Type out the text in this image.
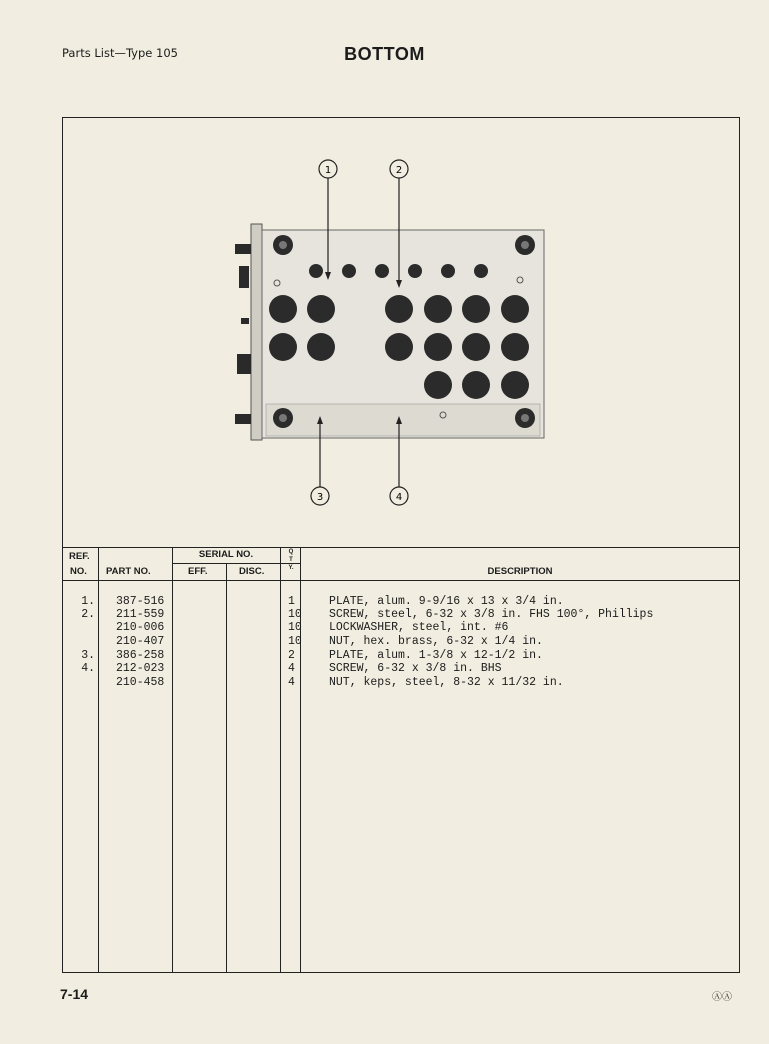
Parts List—Type 105	BOTTOM
1	2
3	4
REF.
NO. PART NO.
SERIAL NO.
EFF.	DISC.
Q
T
Y.	DESCRIPTION
1. 387-516	1	PLATE, alum. 9-9/16 x 13 x 3/4 in.
2. 211-559	10 SCREW, steel, 6-32 x 3/8 in. FHS 100°, Phillips
210-006	10 LOCKWASHER, steel, int. #6
210-407	10 NUT, hex. brass, 6-32 x 1/4 in.
3. 386-258	2	PLATE, alum. 1-3/8 x 12-1/2 in.
4. 212-023	4	SCREW, 6-32 x 3/8 in. BHS
210-458	4	NUT, keps, steel, 8-32 x 11/32 in.
7-14	ⒶⒶ
